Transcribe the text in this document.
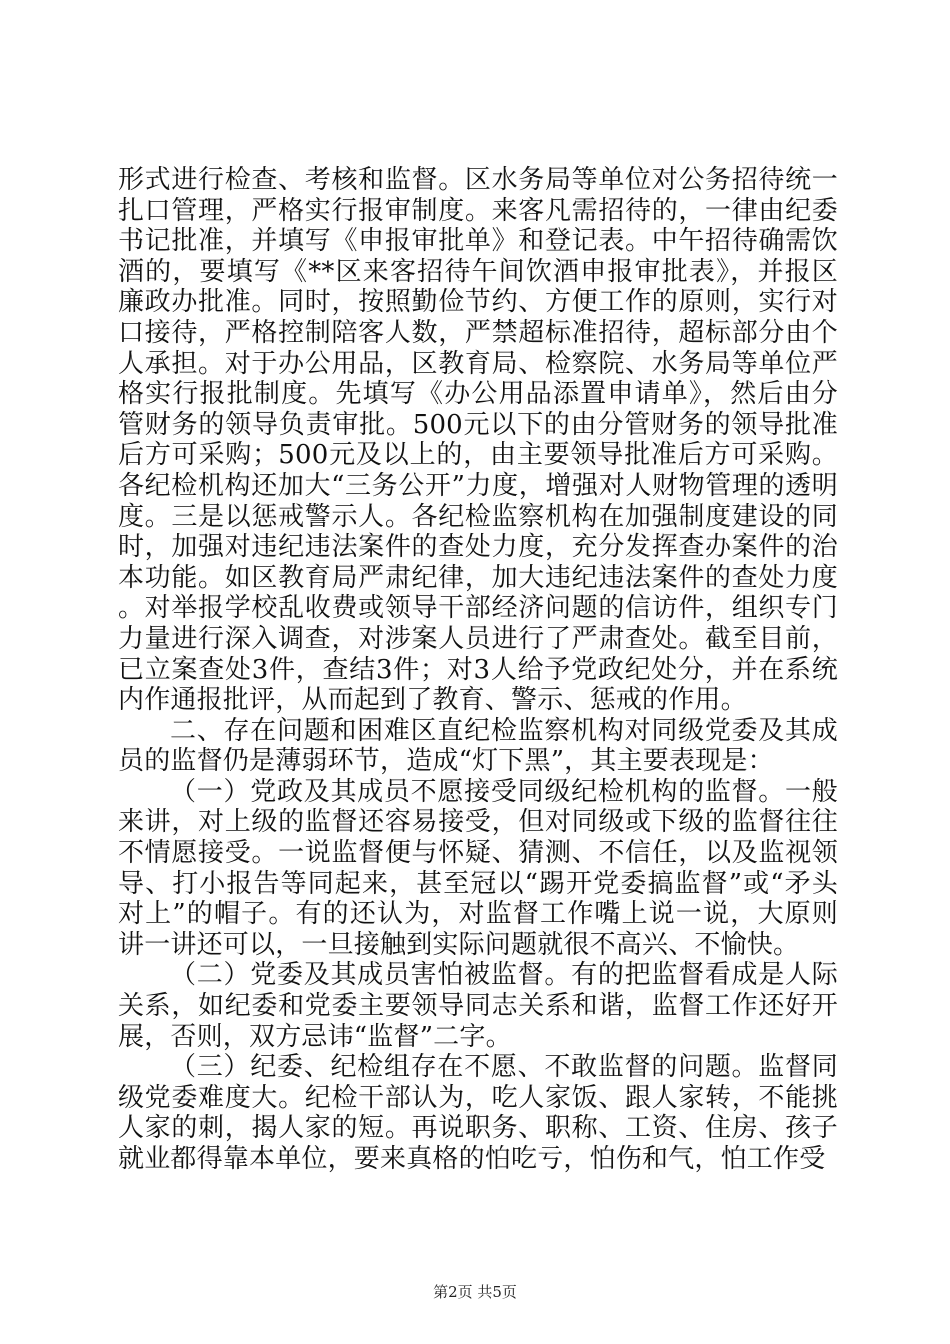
形式进行检查、考核和监督。区水务局等单位对公务招待统一扎口管理，严格实行报审制度。来客凡需招待的，一律由纪委书记批准，并填写《申报审批单》和登记表。中午招待确需饮酒的，要填写《**区来客招待午间饮酒申报审批表》，并报区廉政办批准。同时，按照勤俭节约、方便工作的原则，实行对口接待，严格控制陪客人数，严禁超标准招待，超标部分由个人承担。对于办公用品，区教育局、检察院、水务局等单位严格实行报批制度。先填写《办公用品添置申请单》，然后由分管财务的领导负责审批。500元以下的由分管财务的领导批准后方可采购；500元及以上的，由主要领导批准后方可采购。各纪检机构还加大“三务公开”力度，增强对人财物管理的透明度。三是以惩戒警示人。各纪检监察机构在加强制度建设的同时，加强对违纪违法案件的查处力度，充分发挥查办案件的治本功能。如区教育局严肃纪律，加大违纪违法案件的查处力度。对举报学校乱收费或领导干部经济问题的信访件，组织专门力量进行深入调查，对涉案人员进行了严肃查处。截至目前，已立案查处3件，查结3件；对3人给予党政纪处分，并在系统内作通报批评，从而起到了教育、警示、惩戒的作用。

二、存在问题和困难区直纪检监察机构对同级党委及其成员的监督仍是薄弱环节，造成“灯下黑”，其主要表现是：

（一）党政及其成员不愿接受同级纪检机构的监督。一般来讲，对上级的监督还容易接受，但对同级或下级的监督往往不情愿接受。一说监督便与怀疑、猜测、不信任，以及监视领导、打小报告等同起来，甚至冠以“踢开党委搞监督”或“矛头对上”的帽子。有的还认为，对监督工作嘴上说一说，大原则讲一讲还可以，一旦接触到实际问题就很不高兴、不愉快。

（二）党委及其成员害怕被监督。有的把监督看成是人际关系，如纪委和党委主要领导同志关系和谐，监督工作还好开展，否则，双方忌讳“监督”二字。

（三）纪委、纪检组存在不愿、不敢监督的问题。监督同级党委难度大。纪检干部认为，吃人家饭、跟人家转，不能挑人家的刺，揭人家的短。再说职务、职称、工资、住房、孩子就业都得靠本单位，要来真格的怕吃亏，怕伤和气，怕工作受

第2页 共5页
